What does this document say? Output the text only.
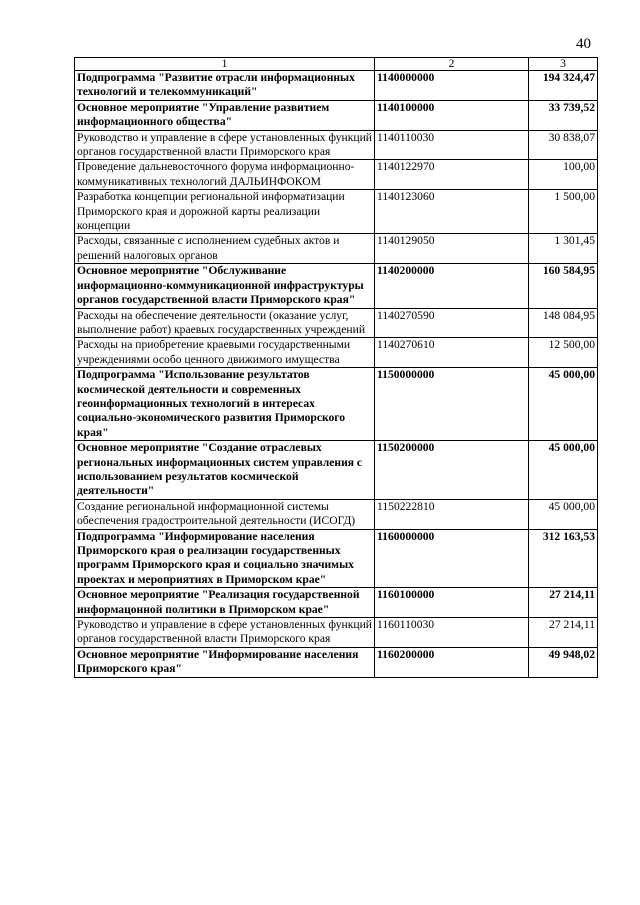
40
1	2	3
Подпрограмма "Развитие отрасли информационных технологий и телекоммуникаций"	1140000000	194 324,47
Основное мероприятие "Управление развитием информационного общества"	1140100000	33 739,52
Руководство и управление в сфере установленных функций органов государственной власти Приморского края	1140110030	30 838,07
Проведение дальневосточного форума информационно-коммуникативных технологий ДАЛЬИНФОКОМ	1140122970	100,00
Разработка концепции региональной информатизации Приморского края и дорожной карты реализации концепции	1140123060	1 500,00
Расходы, связанные с исполнением судебных актов и решений налоговых органов	1140129050	1 301,45
Основное мероприятие "Обслуживание информационно-коммуникационной инфраструктуры органов государственной власти Приморского края"	1140200000	160 584,95
Расходы на обеспечение деятельности (оказание услуг, выполнение работ) краевых государственных учреждений	1140270590	148 084,95
Расходы на приобретение краевыми государственными учреждениями особо ценного движимого имущества	1140270610	12 500,00
Подпрограмма "Использование результатов космической деятельности и современных геоинформационных технологий в интересах социально-экономического развития Приморского края"	1150000000	45 000,00
Основное мероприятие "Создание отраслевых региональных информационных систем управления с использованием результатов космической деятельности"	1150200000	45 000,00
Создание региональной информационной системы обеспечения градостроительной деятельности (ИСОГД)	1150222810	45 000,00
Подпрограмма "Информирование населения Приморского края о реализации государственных программ Приморского края и социально значимых проектах и мероприятиях в Приморском крае"	1160000000	312 163,53
Основное мероприятие "Реализация государственной информацонной политики в Приморском крае"	1160100000	27 214,11
Руководство и управление в сфере установленных функций органов государственной власти Приморского края	1160110030	27 214,11
Основное мероприятие "Информирование населения Приморского края"	1160200000	49 948,02
